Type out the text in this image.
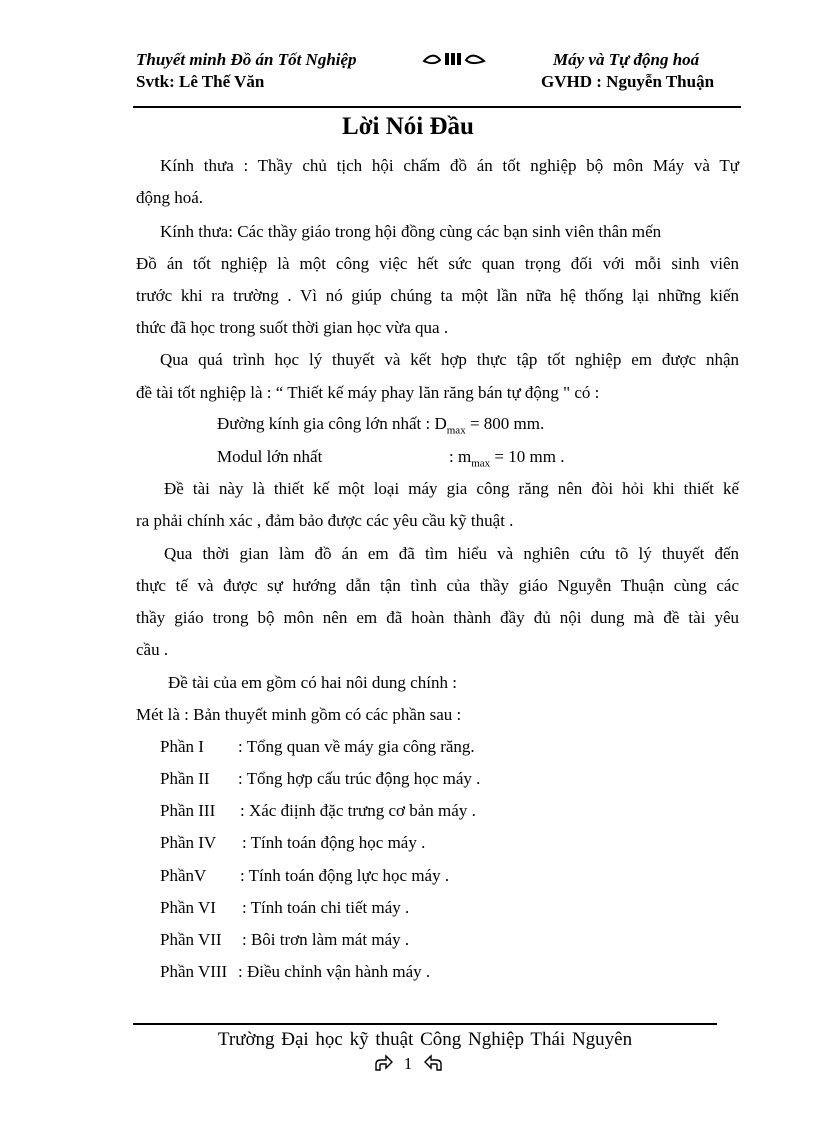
Thuyết minh Đồ án Tốt Nghiệp	Máy và Tự động hoá
Svtk: Lê Thế Văn	GVHD : Nguyễn Thuận
Lời Nói Đầu
Kính thưa : Thầy chủ tịch hội chấm đồ án tốt nghiệp bộ môn Máy và Tự
động hoá.
Kính thưa: Các thầy giáo trong hội đồng cùng các bạn sinh viên thân mến
Đồ án tốt nghiệp là một công việc hết sức quan trọng đối với mỗi sinh viên
trước khi ra trường . Vì nó giúp chúng ta một lần nữa hệ thống lại những kiến
thức đã học trong suốt thời gian học vừa qua .
Qua quá trình học lý thuyết và kết hợp thực tập tốt nghiệp em được nhận
đề tài tốt nghiệp là : “ Thiết kế máy phay lăn răng bán tự động " có :
Đường kính gia công lớn nhất : $D_{max} = 800$ mm.
Modul lớn nhất	: $m_{max} = 10$ mm .
Đề tài này là thiết kế một loại máy gia công răng nên đòi hỏi khi thiết kế
ra phải chính xác , đảm bảo được các yêu cầu kỹ thuật .
Qua thời gian làm đồ án em đã tìm hiểu và nghiên cứu tõ lý thuyết đến
thực tế và được sự hướng dẫn tận tình của thầy giáo Nguyễn Thuận cùng các
thầy giáo trong bộ môn nên em đã hoàn thành đầy đủ nội dung mà đề tài yêu
cầu .
Đề tài của em gồm có hai nôi dung chính :
Mét là : Bản thuyết minh gồm có các phần sau :
Phần I : Tổng quan về máy gia công răng.
Phần II : Tổng hợp cấu trúc động học máy .
Phần III : Xác điịnh đặc trưng cơ bản máy .
Phần IV : Tính toán động học máy .
PhầnV : Tính toán động lực học máy .
Phần VI : Tính toán chi tiết máy .
Phần VII : Bôi trơn làm mát máy .
Phần VIII : Điều chỉnh vận hành máy .
Trường Đại học kỹ thuật Công Nghiệp Thái Nguyên
1
